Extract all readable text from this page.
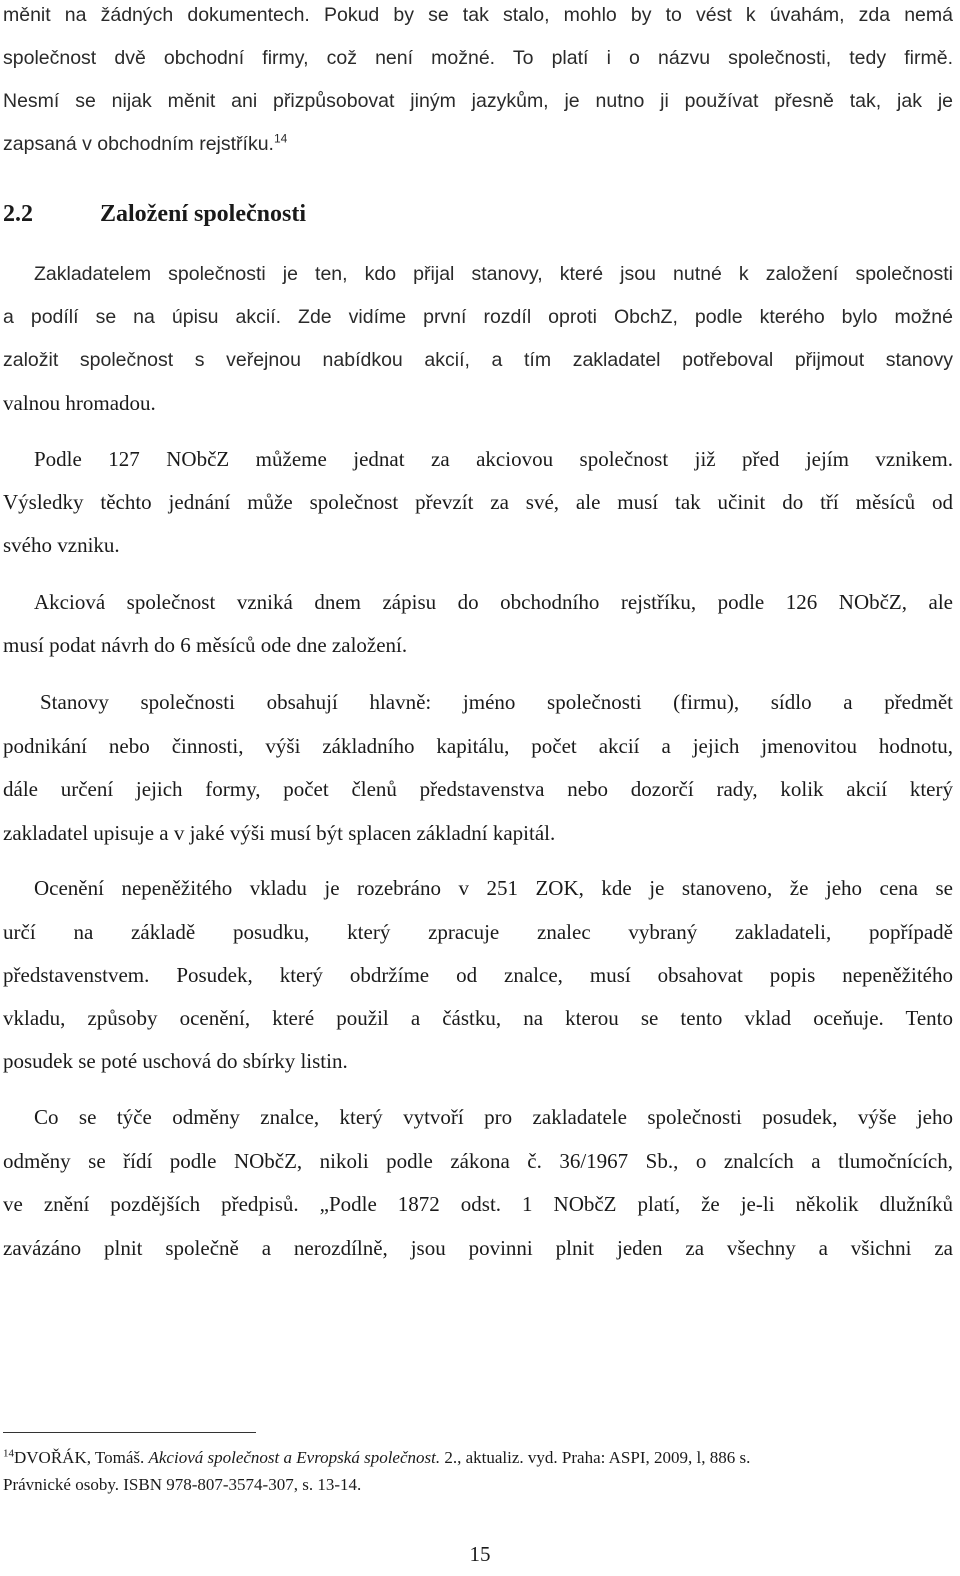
měnit na žádných dokumentech. Pokud by se tak stalo, mohlo by to vést k úvahám, zda nemá
společnost dvě obchodní firmy, což není možné. To platí i o názvu společnosti, tedy firmě.
Nesmí se nijak měnit ani přizpůsobovat jiným jazykům, je nutno ji používat přesně tak, jak je
zapsaná v obchodním rejstříku.$^{14}$
2.2	Založení společnosti
Zakladatelem společnosti je ten, kdo přijal stanovy, které jsou nutné k založení společnosti
a podílí se na úpisu akcií. Zde vidíme první rozdíl oproti ObchZ, podle kterého bylo možné
založit společnost s veřejnou nabídkou akcií, a tím zakladatel potřeboval přijmout stanovy
valnou hromadou.
Podle 127 NObčZ můžeme jednat za akciovou společnost již před jejím vznikem.
Výsledky těchto jednání může společnost převzít za své, ale musí tak učinit do tří měsíců od
svého vzniku.
Akciová společnost vzniká dnem zápisu do obchodního rejstříku, podle 126 NObčZ, ale
musí podat návrh do 6 měsíců ode dne založení.
Stanovy společnosti obsahují hlavně: jméno společnosti (firmu), sídlo a předmět
podnikání nebo činnosti, výši základního kapitálu, počet akcií a jejich jmenovitou hodnotu,
dále určení jejich formy, počet členů představenstva nebo dozorčí rady, kolik akcií který
zakladatel upisuje a v jaké výši musí být splacen základní kapitál.
Ocenění nepeněžitého vkladu je rozebráno v 251 ZOK, kde je stanoveno, že jeho cena se
určí na základě posudku, který zpracuje znalec vybraný zakladateli, popřípadě
představenstvem. Posudek, který obdržíme od znalce, musí obsahovat popis nepeněžitého
vkladu, způsoby ocenění, které použil a částku, na kterou se tento vklad oceňuje. Tento
posudek se poté uschová do sbírky listin.
Co se týče odměny znalce, který vytvoří pro zakladatele společnosti posudek, výše jeho
odměny se řídí podle NObčZ, nikoli podle zákona č. 36/1967 Sb., o znalcích a tlumočnících,
ve znění pozdějších předpisů. „Podle 1872 odst. 1 NObčZ platí, že je-li několik dlužníků
zavázáno plnit společně a nerozdílně, jsou povinni plnit jeden za všechny a všichni za
$^{14}$DVOŘÁK, Tomáš. Akciová společnost a Evropská společnost. 2., aktualiz. vyd. Praha: ASPI, 2009, l, 886 s.
Právnické osoby. ISBN 978-807-3574-307, s. 13-14.
15
